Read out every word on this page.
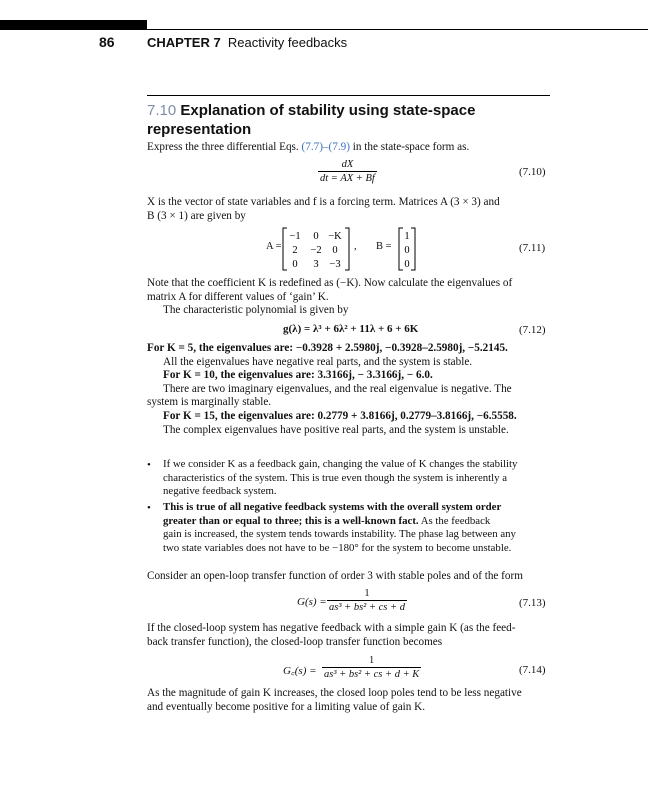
86 CHAPTER 7 Reactivity feedbacks
7.10 Explanation of stability using state-space
representation
Express the three differential Eqs. (7.7)–(7.9) in the state-space form as.
$\frac{dX}{dt = AX + Bf}$	(7.10)
X is the vector of state variables and f is a forcing term. Matrices A (3 × 3) and
B (3 × 1) are given by
A =
−1 0 −K
2 −2 0
0 3 −3
, B =
1
0
0
(7.11)
Note that the coefficient K is redefined as (−K). Now calculate the eigenvalues of
matrix A for different values of ‘gain’ K.
The characteristic polynomial is given by
g(λ) = λ³ + 6λ² + 11λ + 6 + 6K	(7.12)
For K = 5, the eigenvalues are: −0.3928 + 2.5980j, −0.3928–2.5980j, −5.2145.
All the eigenvalues have negative real parts, and the system is stable.
For K = 10, the eigenvalues are: 3.3166j, − 3.3166j, − 6.0.
There are two imaginary eigenvalues, and the real eigenvalue is negative. The
system is marginally stable.
For K = 15, the eigenvalues are: 0.2779 + 3.8166j, 0.2779–3.8166j, −6.5558.
The complex eigenvalues have positive real parts, and the system is unstable.
• If we consider K as a feedback gain, changing the value of K changes the stability
characteristics of the system. This is true even though the system is inherently a
negative feedback system.
• This is true of all negative feedback systems with the overall system order
greater than or equal to three; this is a well-known fact. As the feedback
gain is increased, the system tends towards instability. The phase lag between any
two state variables does not have to be −180° for the system to become unstable.
Consider an open-loop transfer function of order 3 with stable poles and of the form
$G(s) = \frac{1}{\text{as³ + bs² + cs + d}}$	(7.13)
If the closed-loop system has negative feedback with a simple gain K (as the feed-
back transfer function), the closed-loop transfer function becomes
G꜀(s) = $\frac{1}{\text{as³ + bs² + cs + d + K}}$	(7.14)
As the magnitude of gain K increases, the closed loop poles tend to be less negative
and eventually become positive for a limiting value of gain K.
